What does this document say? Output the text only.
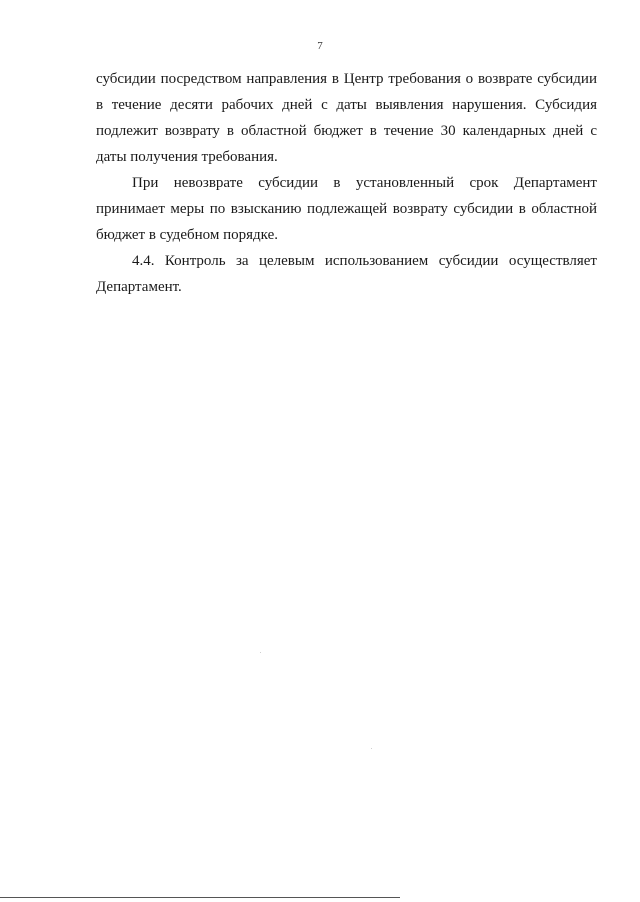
7

субсидии посредством направления в Центр требования о возврате субсидии
в течение десяти рабочих дней с даты выявления нарушения. Субсидия
подлежит возврату в областной бюджет в течение 30 календарных дней с
даты получения требования.

При невозврате субсидии в установленный срок Департамент
принимает меры по взысканию подлежащей возврату субсидии в областной
бюджет в судебном порядке.

4.4. Контроль за целевым использованием субсидии осуществляет
Департамент.
